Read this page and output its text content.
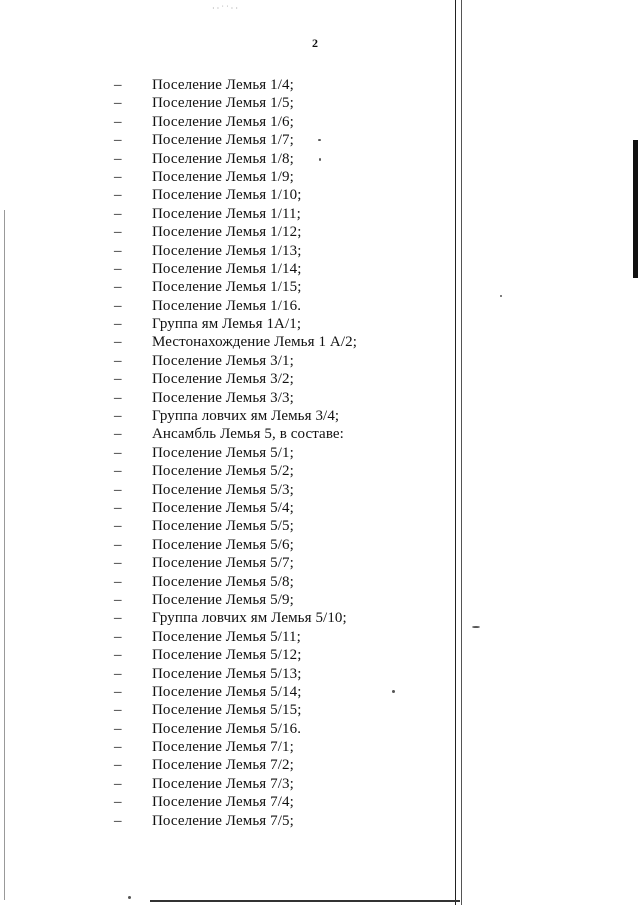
· · ˙ ˙ · ·
2
– Поселение Лемья 1/4;
– Поселение Лемья 1/5;
– Поселение Лемья 1/6;
– Поселение Лемья 1/7;
– Поселение Лемья 1/8;
– Поселение Лемья 1/9;
– Поселение Лемья 1/10;
– Поселение Лемья 1/11;
– Поселение Лемья 1/12;
– Поселение Лемья 1/13;
– Поселение Лемья 1/14;
– Поселение Лемья 1/15;
– Поселение Лемья 1/16.
– Группа ям Лемья 1А/1;
– Местонахождение Лемья 1 А/2;
– Поселение Лемья 3/1;
– Поселение Лемья 3/2;
– Поселение Лемья 3/3;
– Группа ловчих ям Лемья 3/4;
– Ансамбль Лемья 5, в составе:
– Поселение Лемья 5/1;
– Поселение Лемья 5/2;
– Поселение Лемья 5/3;
– Поселение Лемья 5/4;
– Поселение Лемья 5/5;
– Поселение Лемья 5/6;
– Поселение Лемья 5/7;
– Поселение Лемья 5/8;
– Поселение Лемья 5/9;
– Группа ловчих ям Лемья 5/10;
– Поселение Лемья 5/11;
– Поселение Лемья 5/12;
– Поселение Лемья 5/13;
– Поселение Лемья 5/14;
– Поселение Лемья 5/15;
– Поселение Лемья 5/16.
– Поселение Лемья 7/1;
– Поселение Лемья 7/2;
– Поселение Лемья 7/3;
– Поселение Лемья 7/4;
– Поселение Лемья 7/5;
